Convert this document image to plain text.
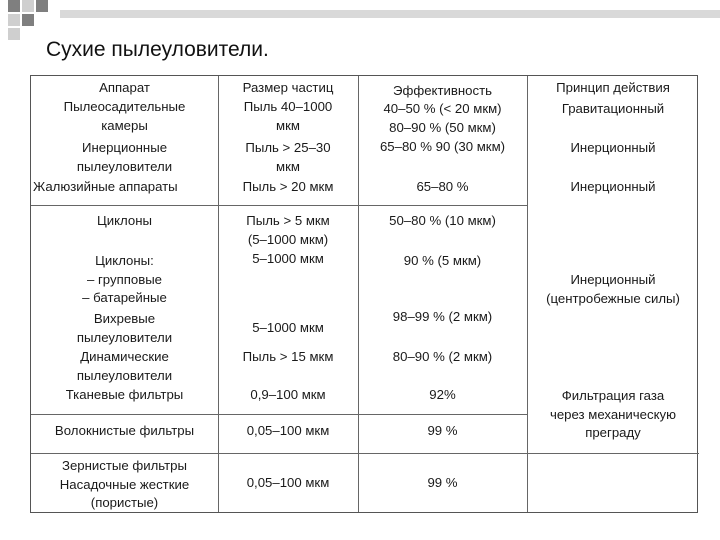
Сухие пылеуловители.
Аппарат
Пылеосадительные
камеры
Инерционные
пылеуловители
Жалюзийные аппараты
Циклоны
Циклоны:
– групповые
– батарейные
Вихревые
пылеуловители
Динамические
пылеуловители
Тканевые фильтры
Волокнистые фильтры
Зернистые фильтры
Насадочные жесткие
(пористые)
Размер частиц
Пыль 40–1000
мкм
Пыль > 25–30
мкм
Пыль > 20 мкм
Пыль > 5 мкм
(5–1000 мкм)
5–1000 мкм
5–1000 мкм
Пыль > 15 мкм
0,9–100 мкм
0,05–100 мкм
0,05–100 мкм
Эффективность
40–50 % (< 20 мкм)
80–90 % (50 мкм)
65–80 % 90 (30 мкм)
65–80 %
50–80 % (10 мкм)
90 % (5 мкм)
98–99 % (2 мкм)
80–90 % (2 мкм)
92%
99 %
99 %
Принцип действия
Гравитационный
Инерционный
Инерционный
Инерционный
(центробежные силы)
Фильтрация газа
через механическую
преграду
